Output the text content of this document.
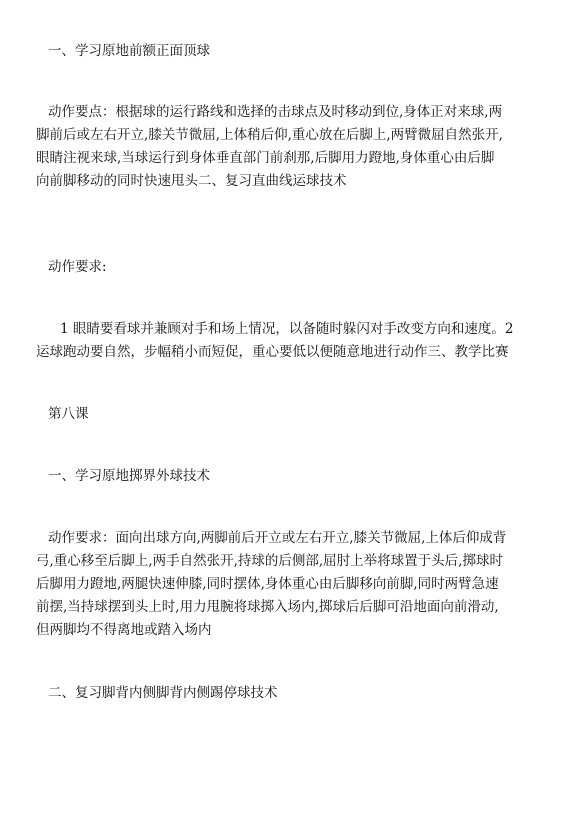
一、学习原地前额正面顶球
动作要点：根据球的运行路线和选择的击球点及时移动到位,身体正对来球,两
脚前后或左右开立,膝关节微屈,上体稍后仰,重心放在后脚上,两臂微屈自然张开,
眼睛注视来球,当球运行到身体垂直部门前刹那,后脚用力蹬地,身体重心由后脚
向前脚移动的同时快速甩头二、复习直曲线运球技术
动作要求:
1 眼睛要看球并兼顾对手和场上情况，以备随时躲闪对手改变方向和速度。2
运球跑动要自然，步幅稍小而短促，重心要低以便随意地进行动作三、教学比赛
第八课
一、学习原地掷界外球技术
动作要求：面向出球方向,两脚前后开立或左右开立,膝关节微屈,上体后仰成背
弓,重心移至后脚上,两手自然张开,持球的后侧部,屈肘上举将球置于头后,掷球时
后脚用力蹬地,两腿快速伸膝,同时摆体,身体重心由后脚移向前脚,同时两臂急速
前摆,当持球摆到头上时,用力甩腕将球掷入场内,掷球后后脚可沿地面向前滑动,
但两脚均不得离地或踏入场内
二、复习脚背内侧脚背内侧踢停球技术
